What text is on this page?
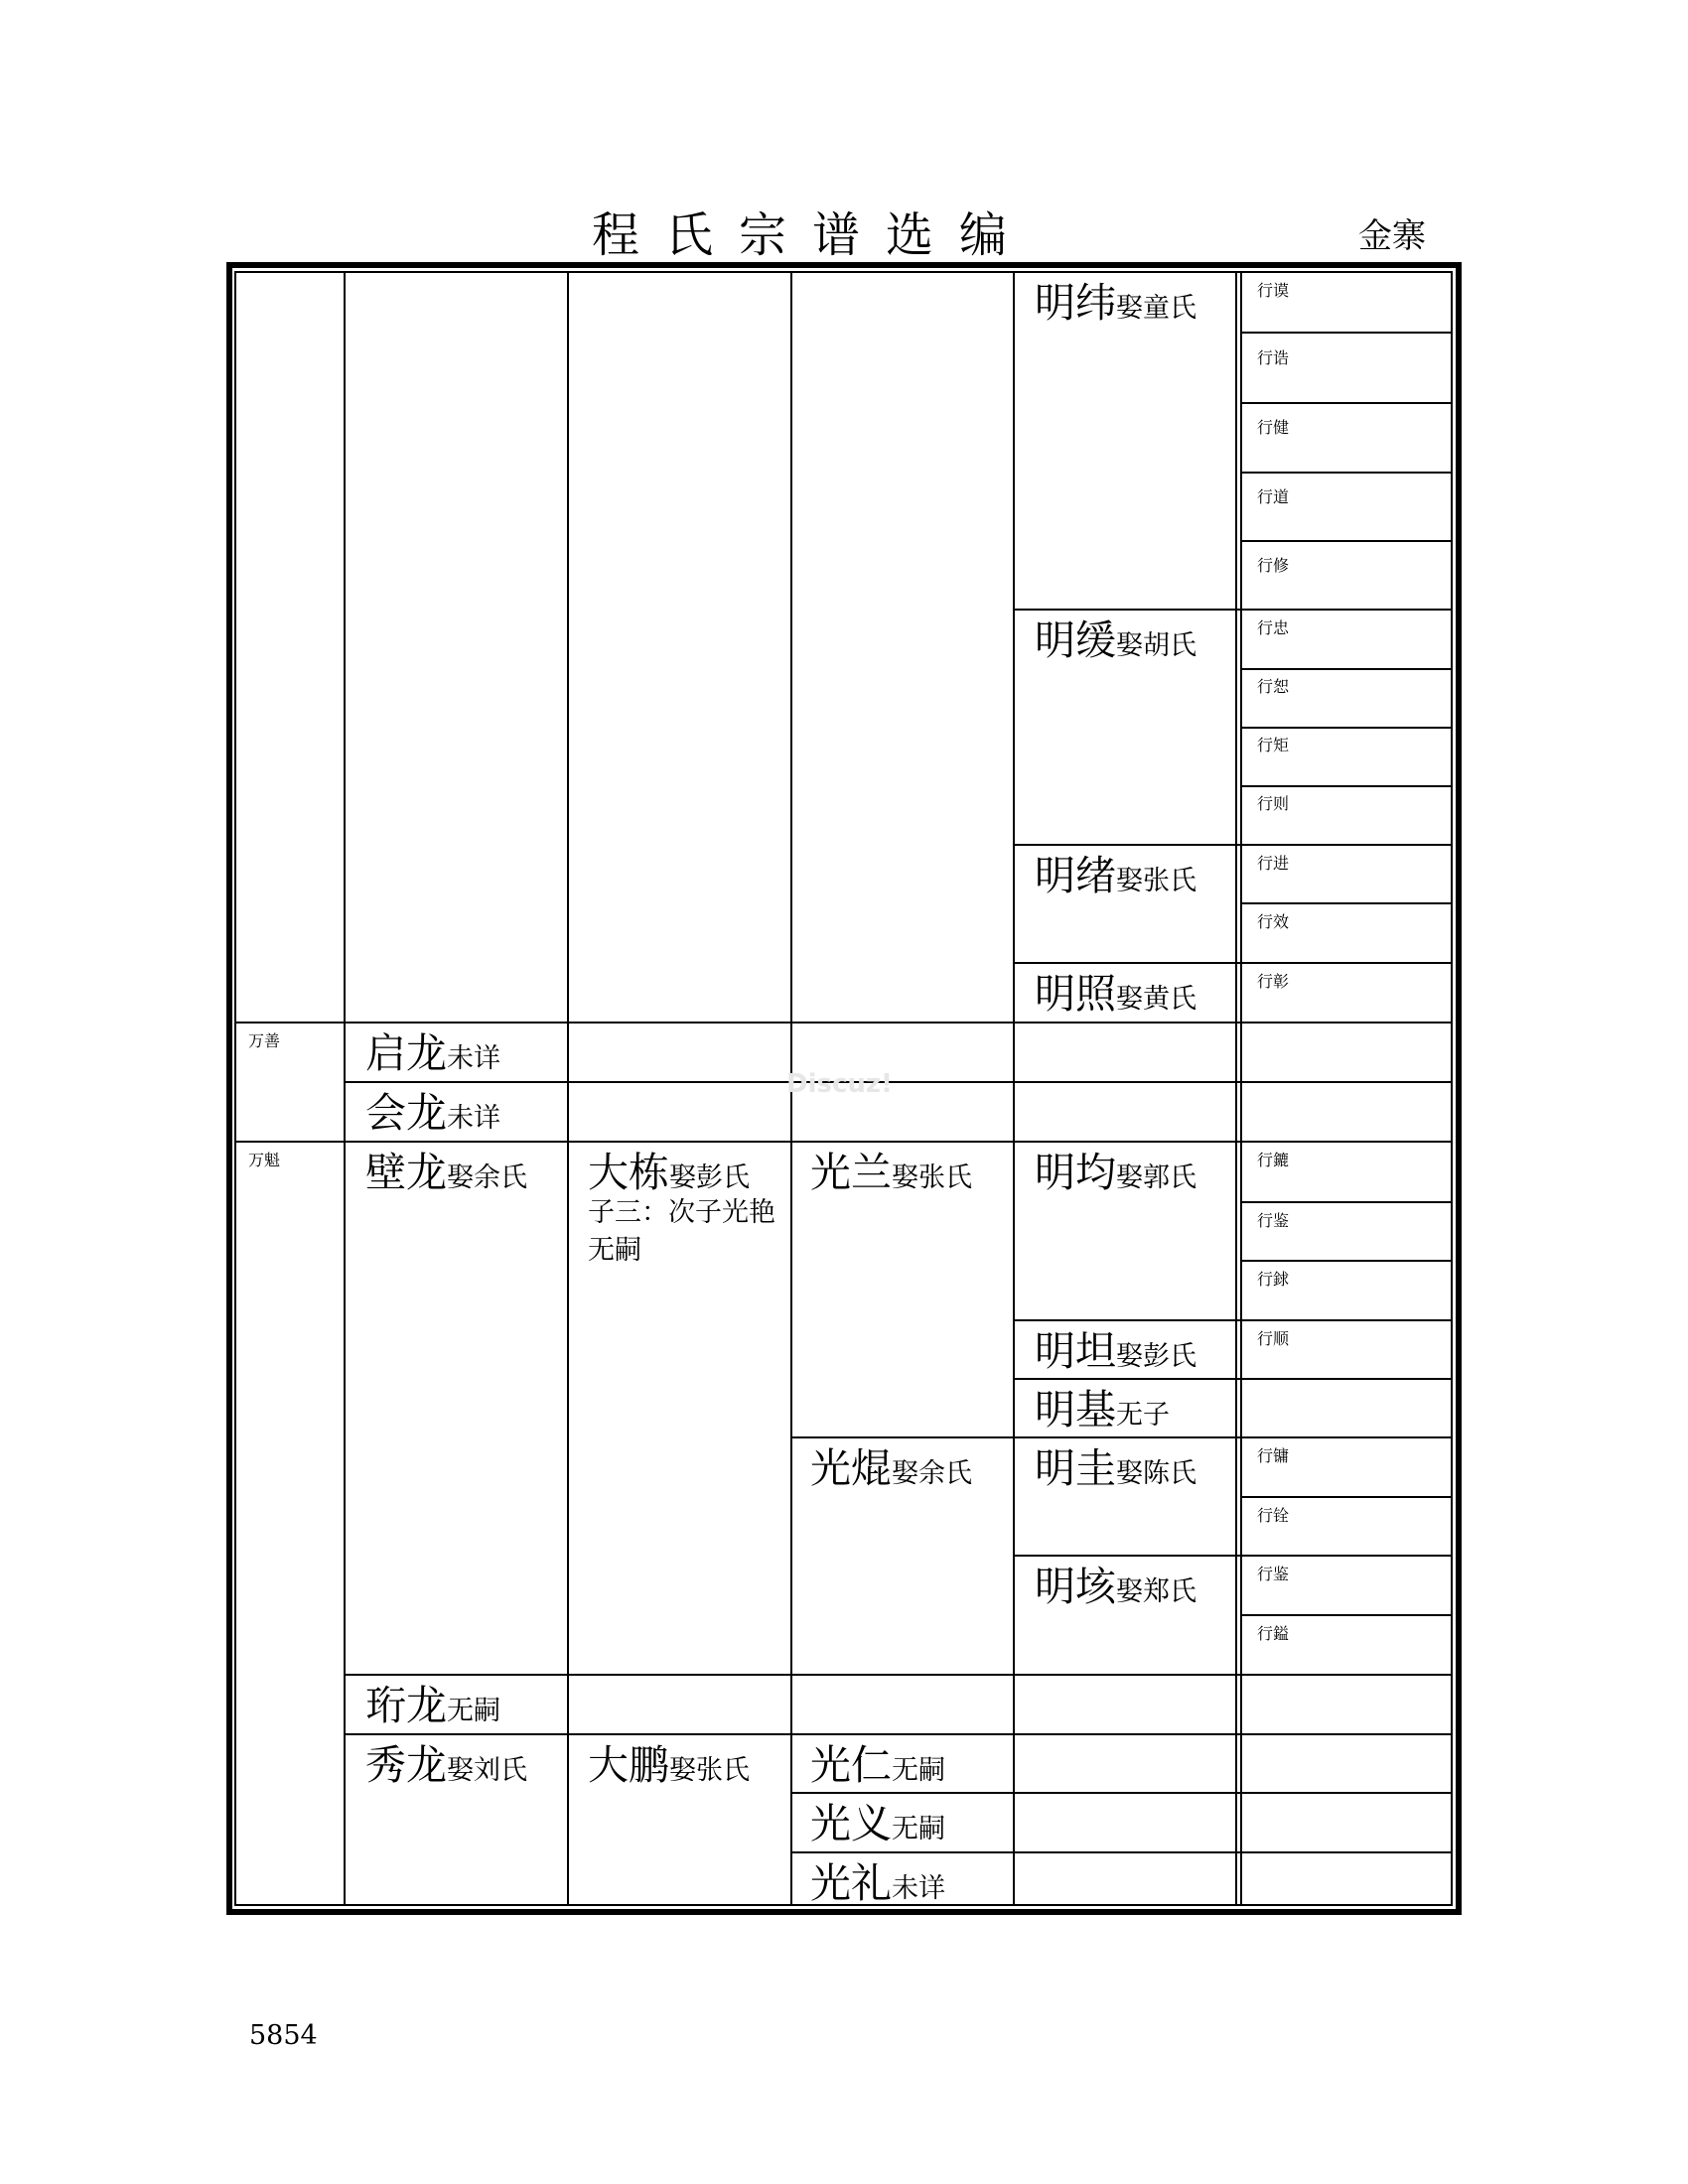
程氏宗谱选编	金寨
明纬娶童氏
明缓娶胡氏
明绪娶张氏
明照娶黄氏
行谟
行诰
行健
行道
行修
行忠
行恕
行矩
行则
行进
行效
行彰
万善 启龙未详
会龙未详
万魁 壁龙娶余氏 大栋娶彭氏
子三：次子光艳无嗣
光兰娶张氏 明均娶郭氏
行鏕
行鉴
行銶
明坦娶彭氏
行顺
明基无子
光焜娶余氏 明圭娶陈氏
行镛
行铨
明垓娶郑氏
行鉴
行鎰
珩龙无嗣
秀龙娶刘氏 大鹏娶张氏 光仁无嗣
光义无嗣
光礼未详
Discuz!
5854
